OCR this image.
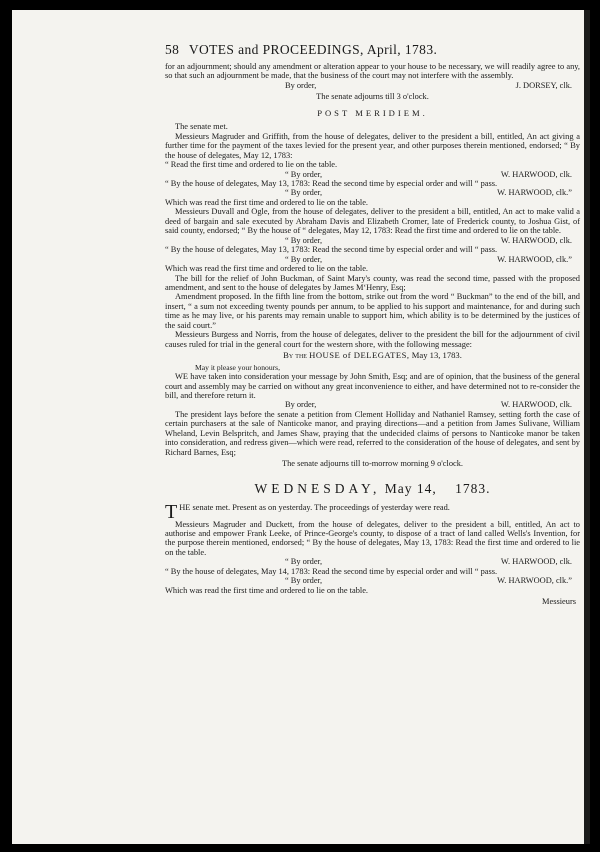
58 VOTES and PROCEEDINGS, April, 1783.

for an adjournment; should any amendment or alteration appear to your house to be necessary, we will readily agree to any, so that such an adjournment be made, that the business of the court may not interfere with the assembly.

By order,	J. DORSEY, clk.

The senate adjourns till 3 o'clock.

POST MERIDIEM.

The senate met.

Messieurs Magruder and Griffith, from the house of delegates, deliver to the president a bill, entitled, An act giving a further time for the payment of the taxes levied for the present year, and other purposes therein mentioned, endorsed; “ By the house of delegates, May 12, 1783:

“ Read the first time and ordered to lie on the table.

“ By order,	W. HARWOOD, clk.

“ By the house of delegates, May 13, 1783: Read the second time by especial order and will “ pass.

“ By order,	W. HARWOOD, clk.”

Which was read the first time and ordered to lie on the table.

Messieurs Duvall and Ogle, from the house of delegates, deliver to the president a bill, entitled, An act to make valid a deed of bargain and sale executed by Abraham Davis and Elizabeth Cromer, late of Frederick county, to Joshua Gist, of said county, endorsed; “ By the house of “ delegates, May 12, 1783: Read the first time and ordered to lie on the table.

“ By order,	W. HARWOOD, clk.

“ By the house of delegates, May 13, 1783: Read the second time by especial order and will “ pass.

“ By order,	W. HARWOOD, clk.”

Which was read the first time and ordered to lie on the table.

The bill for the relief of John Buckman, of Saint Mary's county, was read the second time, passed with the proposed amendment, and sent to the house of delegates by James M‘Henry, Esq;

Amendment proposed. In the fifth line from the bottom, strike out from the word “ Buckman” to the end of the bill, and insert, “ a sum not exceeding twenty pounds per annum, to be applied to his support and maintenance, for and during such time as he may live, or his parents may remain unable to support him, which ability is to be determined by the justices of the said court.”

Messieurs Burgess and Norris, from the house of delegates, deliver to the president the bill for the adjournment of civil causes ruled for trial in the general court for the western shore, with the following message:

By the HOUSE of DELEGATES, May 13, 1783.

May it please your honours,

WE have taken into consideration your message by John Smith, Esq; and are of opinion, that the business of the general court and assembly may be carried on without any great inconvenience to either, and have determined not to re-consider the bill, and therefore return it.

By order,	W. HARWOOD, clk.

The president lays before the senate a petition from Clement Holliday and Nathaniel Ramsey, setting forth the case of certain purchasers at the sale of Nanticoke manor, and praying directions—and a petition from James Sulivane, William Wheland, Levin Belspritch, and James Shaw, praying that the undecided claims of persons to Nanticoke manor be taken into consideration, and redress given—which were read, referred to the consideration of the house of delegates, and sent by Richard Barnes, Esq;

The senate adjourns till to-morrow morning 9 o'clock.

WEDNESDAY, May 14, 1783.

T HE senate met. Present as on yesterday. The proceedings of yesterday were read.

Messieurs Magruder and Duckett, from the house of delegates, deliver to the president a bill, entitled, An act to authorise and empower Frank Leeke, of Prince-George's county, to dispose of a tract of land called Wells's Invention, for the purpose therein mentioned, endorsed; “ By the house of delegates, May 13, 1783: Read the first time and ordered to lie on the table.

“ By order,	W. HARWOOD, clk.

“ By the house of delegates, May 14, 1783: Read the second time by especial order and will “ pass.

“ By order,	W. HARWOOD, clk.”

Which was read the first time and ordered to lie on the table.

Messieurs
